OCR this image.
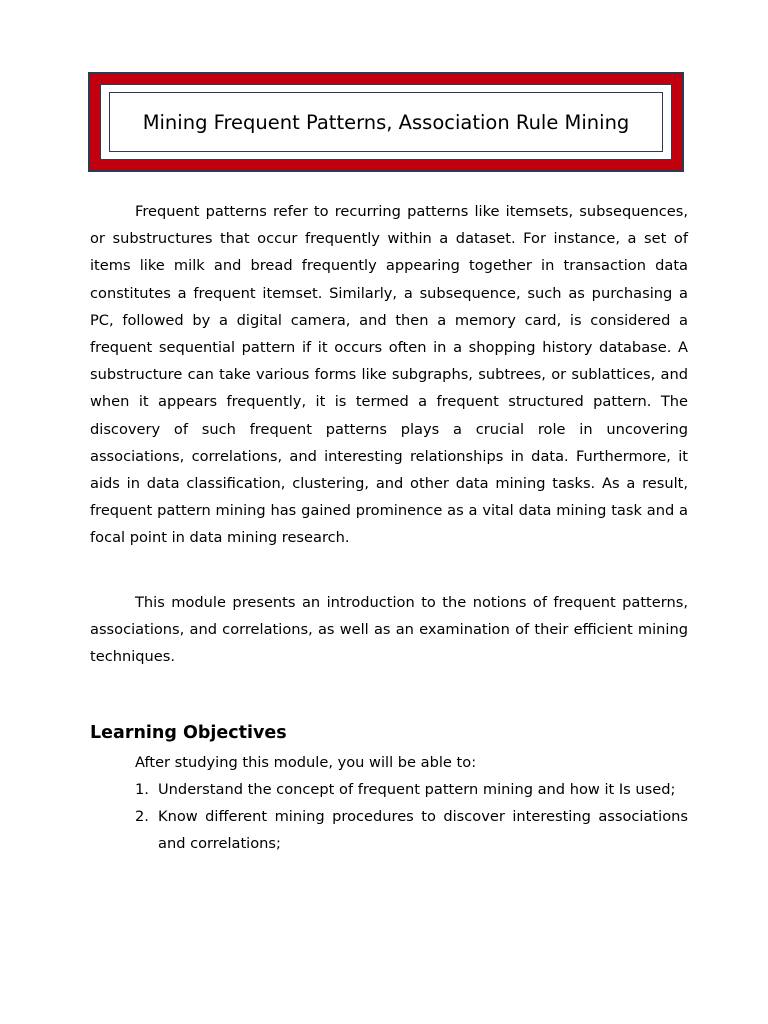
Mining Frequent Patterns, Association Rule Mining

Frequent patterns refer to recurring patterns like itemsets, subsequences, or substructures that occur frequently within a dataset. For instance, a set of items like milk and bread frequently appearing together in transaction data constitutes a frequent itemset. Similarly, a subsequence, such as purchasing a PC, followed by a digital camera, and then a memory card, is considered a frequent sequential pattern if it occurs often in a shopping history database. A substructure can take various forms like subgraphs, subtrees, or sublattices, and when it appears frequently, it is termed a frequent structured pattern. The discovery of such frequent patterns plays a crucial role in uncovering associations, correlations, and interesting relationships in data. Furthermore, it aids in data classification, clustering, and other data mining tasks. As a result, frequent pattern mining has gained prominence as a vital data mining task and a focal point in data mining research.

This module presents an introduction to the notions of frequent patterns, associations, and correlations, as well as an examination of their efficient mining techniques.

Learning Objectives

After studying this module, you will be able to:

1. Understand the concept of frequent pattern mining and how it Is used;
2. Know different mining procedures to discover interesting associations and correlations;
